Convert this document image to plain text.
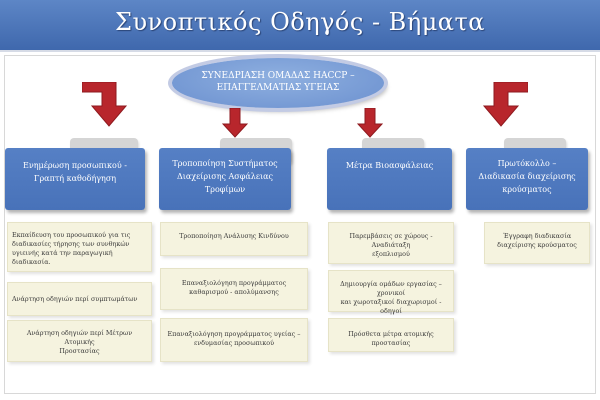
Συνοπτικός Οδηγός - Βήματα
ΣΥΝΕΔΡΙΑΣΗ ΟΜΑΔΑΣ HACCP –
ΕΠΑΓΓΕΛΜΑΤΙΑΣ ΥΓΕΙΑΣ
Ενημέρωση προσωπικού -
Γραπτή καθοδήγηση
Τροποποίηση Συστήματος
Διαχείρισης Ασφάλειας
Τροφίμων
Μέτρα Βιοασφάλειας	Πρωτόκολλο –
Διαδικασία διαχείρισης
κρούσματος
Εκπαίδευση του προσωπικού για τις
διαδικασίες τήρησης των συνθηκών
υγιεινής κατά την παραγωγική διαδικασία.
Ανάρτηση οδηγιών περί συμπτωμάτων
Ανάρτηση οδηγιών περί Μέτρων Ατομικής
Προστασίας
Τροποποίηση Ανάλυσης Κινδύνου
Επαναξιολόγηση προγράμματος
καθαρισμού - απολύμανσης
Επαναξιολόγηση προγράμματος υγείας –
ενδυμασίας προσωπικού
Παρεμβάσεις σε χώρους - Αναδιάταξη
εξοπλισμού
Δημιουργία ομάδων εργασίας – χρονικοί
και χωροταξικοί διαχωρισμοί - οδηγοί
Πρόσθετα μέτρα ατομικής προστασίας
Έγγραφη διαδικασία
διαχείρισης κρούσματος
